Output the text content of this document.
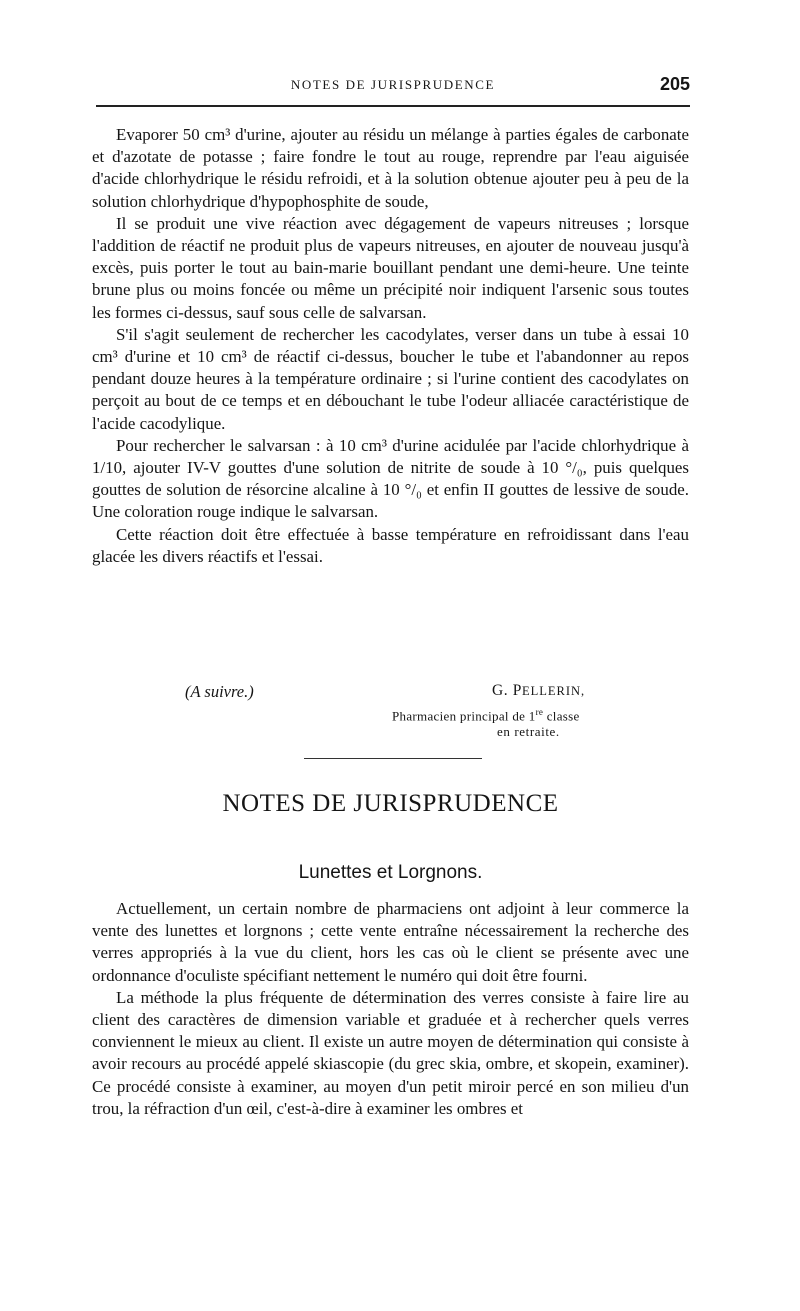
NOTES DE JURISPRUDENCE	205

Evaporer 50 cm³ d'urine, ajouter au résidu un mélange à parties égales de carbonate et d'azotate de potasse ; faire fondre le tout au rouge, reprendre par l'eau aiguisée d'acide chlorhydrique le résidu refroidi, et à la solution obtenue ajouter peu à peu de la solution chlorhydrique d'hypophosphite de soude,

Il se produit une vive réaction avec dégagement de vapeurs nitreuses ; lorsque l'addition de réactif ne produit plus de vapeurs nitreuses, en ajouter de nouveau jusqu'à excès, puis porter le tout au bain-marie bouillant pendant une demi-heure. Une teinte brune plus ou moins foncée ou même un précipité noir indiquent l'arsenic sous toutes les formes ci-dessus, sauf sous celle de salvarsan.

S'il s'agit seulement de rechercher les cacodylates, verser dans un tube à essai 10 cm³ d'urine et 10 cm³ de réactif ci-dessus, boucher le tube et l'abandonner au repos pendant douze heures à la température ordinaire ; si l'urine contient des cacodylates on perçoit au bout de ce temps et en débouchant le tube l'odeur alliacée caractéristique de l'acide cacodylique.

Pour rechercher le salvarsan : à 10 cm³ d'urine acidulée par l'acide chlorhydrique à 1/10, ajouter IV-V gouttes d'une solution de nitrite de soude à 10 °/₀, puis quelques gouttes de solution de résorcine alcaline à 10 °/₀ et enfin II gouttes de lessive de soude. Une coloration rouge indique le salvarsan.

Cette réaction doit être effectuée à basse température en refroidissant dans l'eau glacée les divers réactifs et l'essai.

(A suivre.)	G. PELLERIN,
Pharmacien principal de 1re classe
en retraite.
NOTES DE JURISPRUDENCE
Lunettes et Lorgnons.

Actuellement, un certain nombre de pharmaciens ont adjoint à leur commerce la vente des lunettes et lorgnons ; cette vente entraîne nécessairement la recherche des verres appropriés à la vue du client, hors les cas où le client se présente avec une ordonnance d'oculiste spécifiant nettement le numéro qui doit être fourni.

La méthode la plus fréquente de détermination des verres consiste à faire lire au client des caractères de dimension variable et graduée et à rechercher quels verres conviennent le mieux au client. Il existe un autre moyen de détermination qui consiste à avoir recours au procédé appelé skiascopie (du grec skia, ombre, et skopein, examiner). Ce procédé consiste à examiner, au moyen d'un petit miroir percé en son milieu d'un trou, la réfraction d'un œil, c'est-à-dire à examiner les ombres et
